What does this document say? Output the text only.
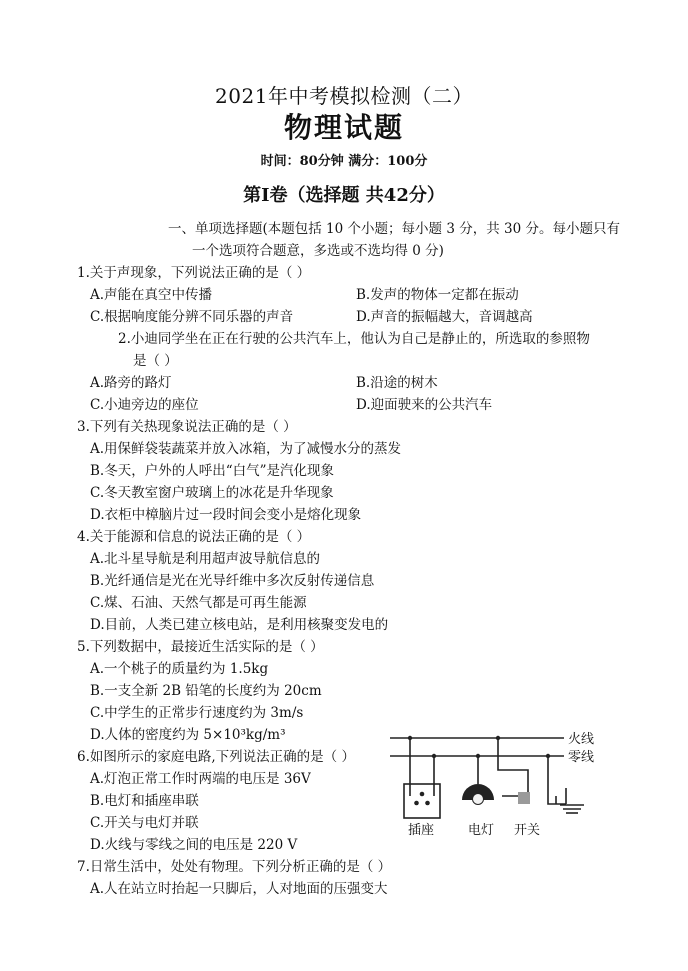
2021年中考模拟检测（二）
物理试题
时间：80分钟 满分：100分
第Ⅰ卷（选择题 共42分）
一、单项选择题(本题包括 10 个小题；每小题 3 分，共 30 分。每小题只有
一个选项符合题意，多选或不选均得 0 分)
1.关于声现象，下列说法正确的是（ ）
A.声能在真空中传播	B.发声的物体一定都在振动
C.根据响度能分辨不同乐器的声音	D.声音的振幅越大，音调越高
2.小迪同学坐在正在行驶的公共汽车上，他认为自己是静止的，所选取的参照物
是（ ）
A.路旁的路灯	B.沿途的树木
C.小迪旁边的座位	D.迎面驶来的公共汽车
3.下列有关热现象说法正确的是（ ）
A.用保鲜袋装蔬菜并放入冰箱，为了减慢水分的蒸发
B.冬天，户外的人呼出“白气”是汽化现象
C.冬天教室窗户玻璃上的冰花是升华现象
D.衣柜中樟脑片过一段时间会变小是熔化现象
4.关于能源和信息的说法正确的是（ ）
A.北斗星导航是利用超声波导航信息的
B.光纤通信是光在光导纤维中多次反射传递信息
C.煤、石油、天然气都是可再生能源
D.目前，人类已建立核电站，是利用核聚变发电的
5.下列数据中，最接近生活实际的是（ ）
A.一个桃子的质量约为 1.5kg
B.一支全新 2B 铅笔的长度约为 20cm
C.中学生的正常步行速度约为 3m/s
D.人体的密度约为 5×10³kg/m³
6.如图所示的家庭电路,下列说法正确的是（ ）
A.灯泡正常工作时两端的电压是 36V
B.电灯和插座串联
C.开关与电灯并联
D.火线与零线之间的电压是 220 V
7.日常生活中，处处有物理。下列分析正确的是（ ）
A.人在站立时抬起一只脚后，人对地面的压强变大
火线
零线
插座	电灯 开关
